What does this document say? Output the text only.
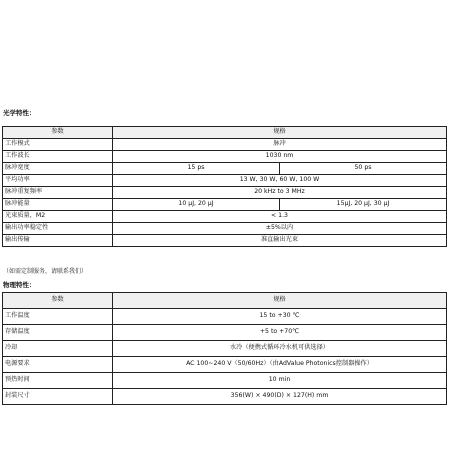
光学特性：
参数	规格	
工作模式	脉冲	
工作波长	1030 nm	
脉冲宽度	15 ps	50 ps
平均功率	13 W, 30 W, 60 W, 100 W	
脉冲重复频率	20 kHz to 3 MHz	
脉冲能量	10 μJ, 20 μJ	15μJ, 20 μJ, 30 μJ
光束质量，M2	< 1.3	
输出功率稳定性	±5%以内	
输出传输	准直输出光束	
（如需定制服务，请联系我们）
物理特性：
参数	规格
工作温度	15 to +30 ℃
存储温度	+5 to +70℃
冷却	水冷（便携式循环冷水机可供选择）
电源要求	AC 100~240 V（50/60Hz）（由AdValue Photonics控制器操作）
预热时间	10 min
封装尺寸	356(W) × 490(D) × 127(H) mm
